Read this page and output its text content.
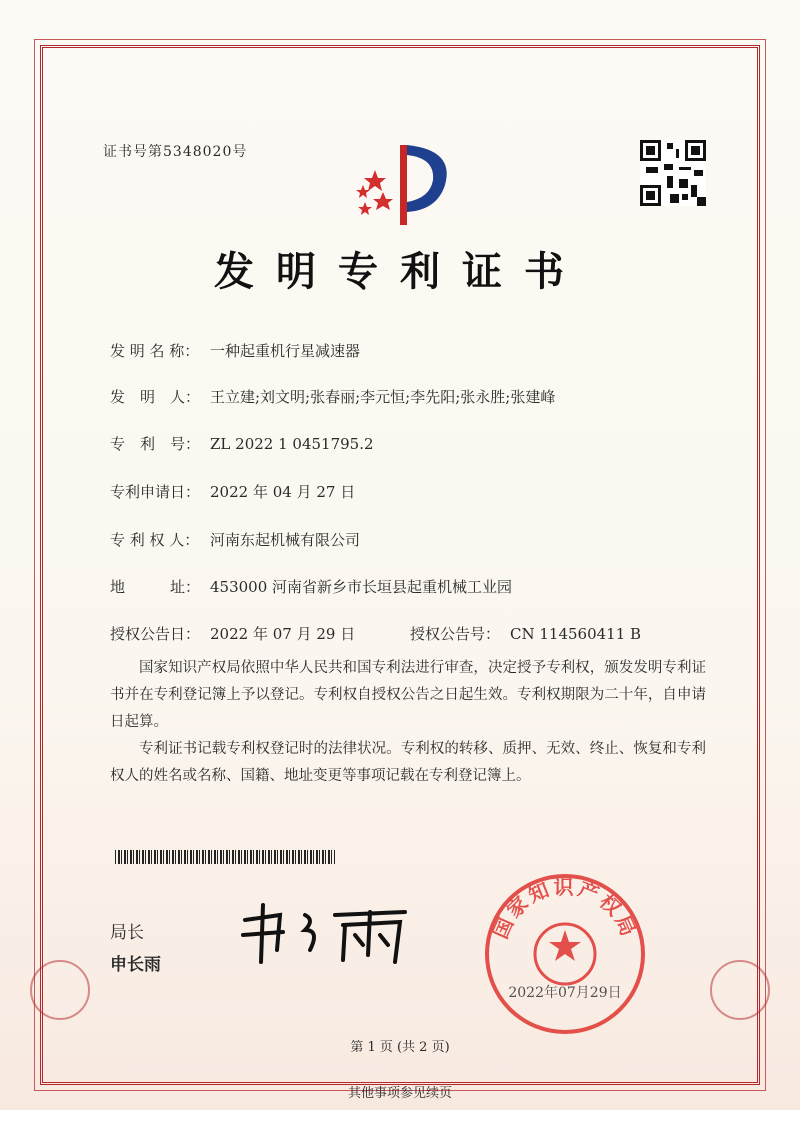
证书号第5348020号
发明专利证书
发 明 名 称： 一种起重机行星减速器
发　明　人： 王立建;刘文明;张春丽;李元恒;李先阳;张永胜;张建峰
专　利　号： ZL 2022 1 0451795.2
专利申请日： 2022 年 04 月 27 日
专 利 权 人： 河南东起机械有限公司
地　　　址： 453000 河南省新乡市长垣县起重机械工业园
授权公告日： 2022 年 07 月 29 日	授权公告号： CN 114560411 B

国家知识产权局依照中华人民共和国专利法进行审查，决定授予专利权，颁发发明专利证书并在专利登记簿上予以登记。专利权自授权公告之日起生效。专利权期限为二十年，自申请日起算。

专利证书记载专利权登记时的法律状况。专利权的转移、质押、无效、终止、恢复和专利权人的姓名或名称、国籍、地址变更等事项记载在专利登记簿上。

局长
申长雨
国家知识产权局
2022年07月29日
第 1 页 (共 2 页)
其他事项参见续页
